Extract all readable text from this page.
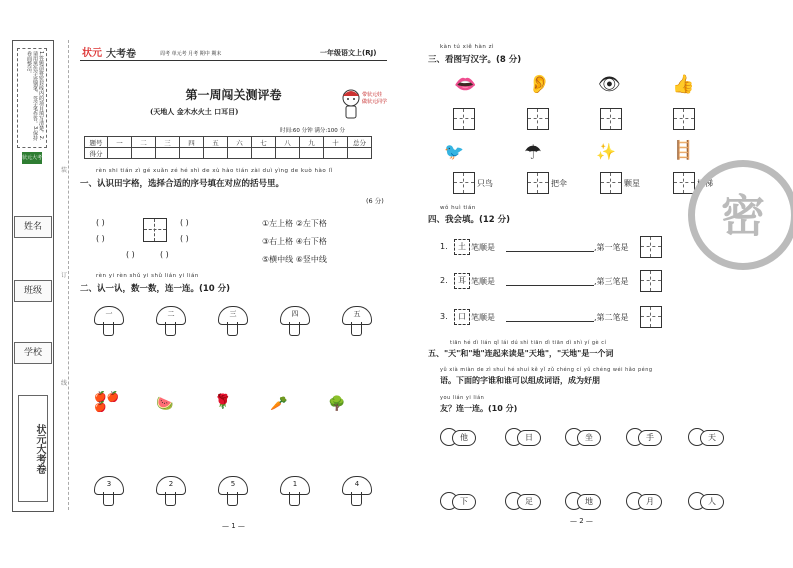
1.答题前将密封线内的项目填写清楚。2.请用黑色字迹钢笔、签字笔作答。3.保持卷面整洁。
状元大考卷
姓名
班级
学校
状元大考卷
装
订
线
状元 大考卷	周考 单元考 月考 期中 期末	一年级语文上(RJ)
第一周闯关测评卷
(天地人 金木水火土 口耳目)
带状元娃
做状元同学
时间:60 分钟 满分:100 分
题号	一	二	三	四	五	六	七	八	九	十	总分
得分											
rèn shi tián zì gé xuǎn zé hé shì de xù hào tián zài duì yìng de kuò hào lǐ
一、认识田字格，选择合适的序号填在对应的括号里。
(6 分)
( )
( )
( )
( )
( )	( )
①左上格 ②左下格
③右上格 ④右下格
⑤横中线 ⑥竖中线
rèn yi rèn shǔ yi shǔ lián yi lián
二、认一认，数一数，连一连。(10 分)
一	二	三	四	五
🍎🍎🍎	🍉	🌹	🥕	🌳
3	2	5	1	4
— 1 —
kàn tú xiě hàn zì
三、看图写汉字。(8 分)
👄	👂	👁	👍
🐦	☂	✨	🪜
只鸟	把伞	颗星	楼梯
wǒ huì tián
四、我会填。(12 分)
1.	土 笔顺是	,第一笔是
2.	耳 笔顺是	,第三笔是
3.	口 笔顺是	,第二笔是
tiān hé dì lián qǐ lái dú shì tiān dì tiān dì shì yí gè cí
五、"天"和"地"连起来读是"天地"，"天地"是一个词
yǔ xià miàn de zì shuí hé shuí kě yǐ zǔ chéng cí yǔ chéng wéi hǎo péng
语。下面的字谁和谁可以组成词语，成为好朋
you lián yi lián
友？连一连。(10 分)
他	日	坐	手	天
下	足	地	月	人
— 2 —
密
